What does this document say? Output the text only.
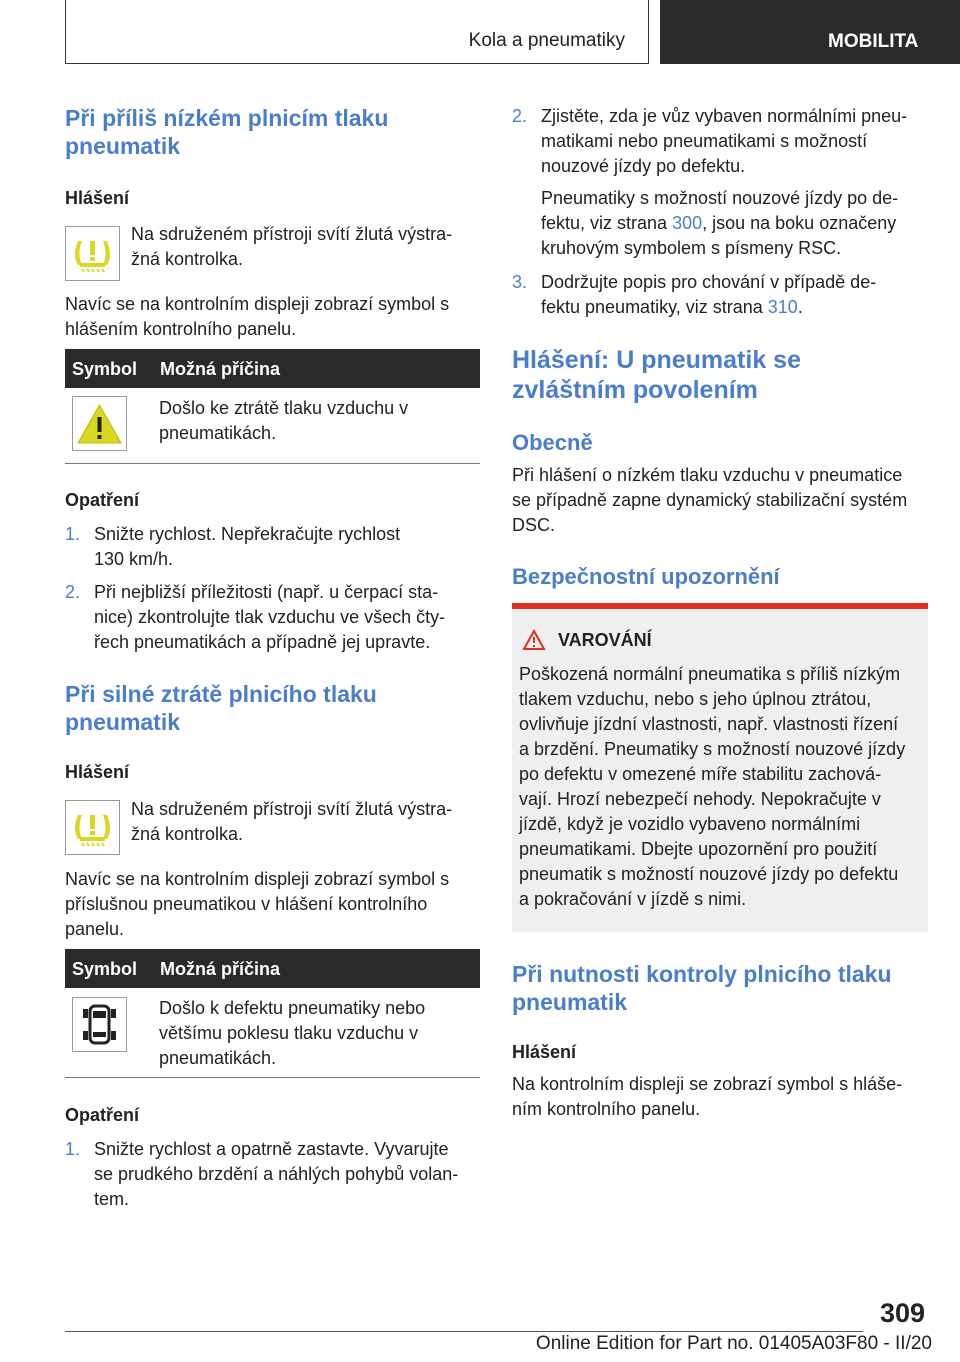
Kola a pneumatiky	MOBILITA
Při příliš nízkém plnicím tlaku
pneumatik
Hlášení
Na sdruženém přístroji svítí žlutá výstra-
žná kontrolka.
Navíc se na kontrolním displeji zobrazí symbol s
hlášením kontrolního panelu.
Symbol Možná příčina
Došlo ke ztrátě tlaku vzduchu v
pneumatikách.
Opatření
1. Snižte rychlost. Nepřekračujte rychlost
130 km/h.
2. Při nejbližší příležitosti (např. u čerpací sta-
nice) zkontrolujte tlak vzduchu ve všech čty-
řech pneumatikách a případně jej upravte.
Při silné ztrátě plnicího tlaku
pneumatik
Hlášení
Na sdruženém přístroji svítí žlutá výstra-
žná kontrolka.
Navíc se na kontrolním displeji zobrazí symbol s
příslušnou pneumatikou v hlášení kontrolního
panelu.
Symbol Možná příčina
Došlo k defektu pneumatiky nebo
většímu poklesu tlaku vzduchu v
pneumatikách.
Opatření
1. Snižte rychlost a opatrně zastavte. Vyvarujte
se prudkého brzdění a náhlých pohybů volan-
tem.
2. Zjistěte, zda je vůz vybaven normálními pneu-
matikami nebo pneumatikami s možností
nouzové jízdy po defektu.
Pneumatiky s možností nouzové jízdy po de-
fektu, viz strana 300, jsou na boku označeny
kruhovým symbolem s písmeny RSC.
3. Dodržujte popis pro chování v případě de-
fektu pneumatiky, viz strana 310.
Hlášení: U pneumatik se
zvláštním povolením
Obecně
Při hlášení o nízkém tlaku vzduchu v pneumatice
se případně zapne dynamický stabilizační systém
DSC.
Bezpečnostní upozornění
VAROVÁNÍ
Poškozená normální pneumatika s příliš nízkým
tlakem vzduchu, nebo s jeho úplnou ztrátou,
ovlivňuje jízdní vlastnosti, např. vlastnosti řízení
a brzdění. Pneumatiky s možností nouzové jízdy
po defektu v omezené míře stabilitu zachová-
vají. Hrozí nebezpečí nehody. Nepokračujte v
jízdě, když je vozidlo vybaveno normálními
pneumatikami. Dbejte upozornění pro použití
pneumatik s možností nouzové jízdy po defektu
a pokračování v jízdě s nimi.
Při nutnosti kontroly plnicího tlaku
pneumatik
Hlášení
Na kontrolním displeji se zobrazí symbol s hláše-
ním kontrolního panelu.
309
Online Edition for Part no. 01405A03F80 - II/20
